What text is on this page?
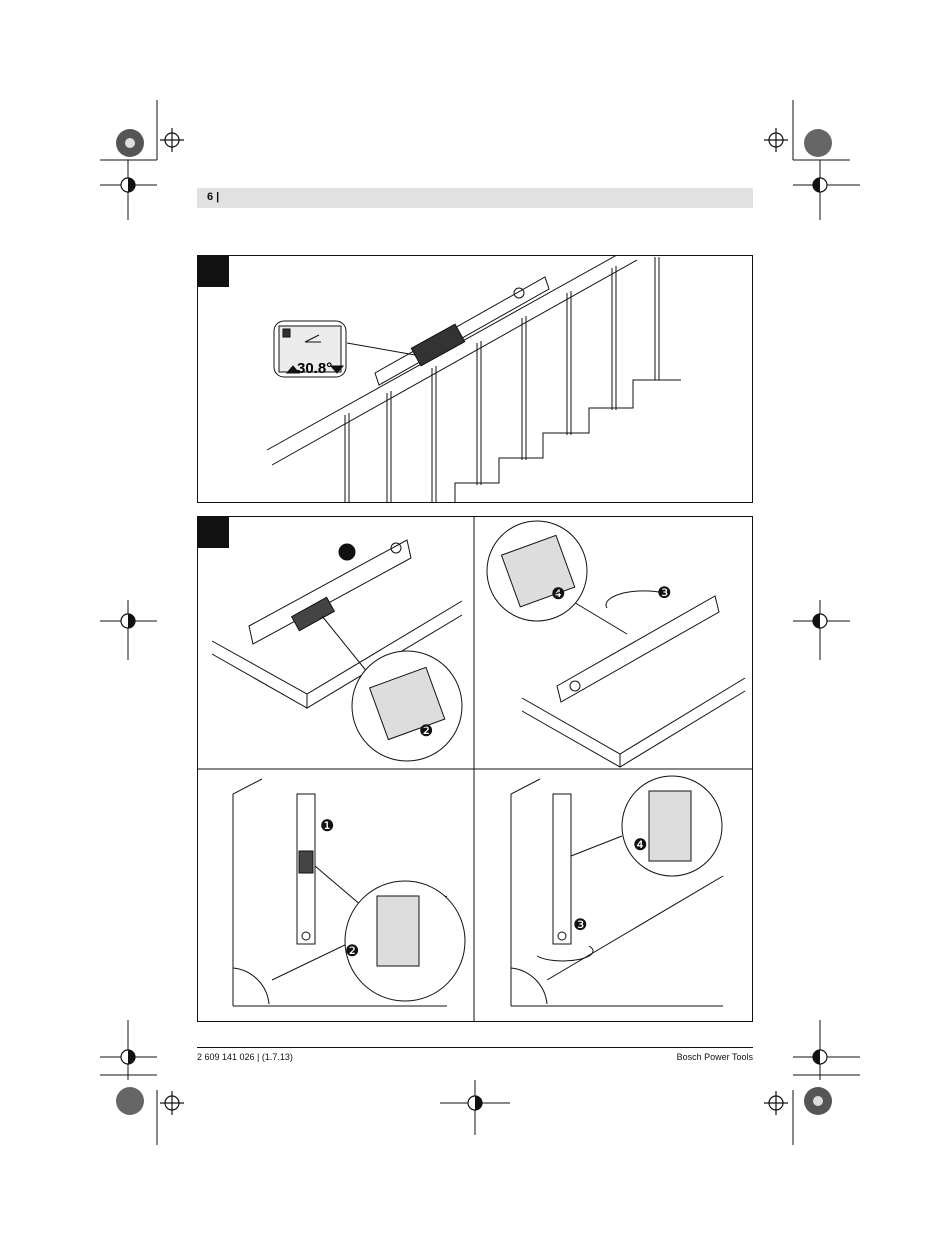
6 |
30.8°
❷
❹	❸
❶
❷
❹
❸
2 609 141 026 | (1.7.13)	Bosch Power Tools
